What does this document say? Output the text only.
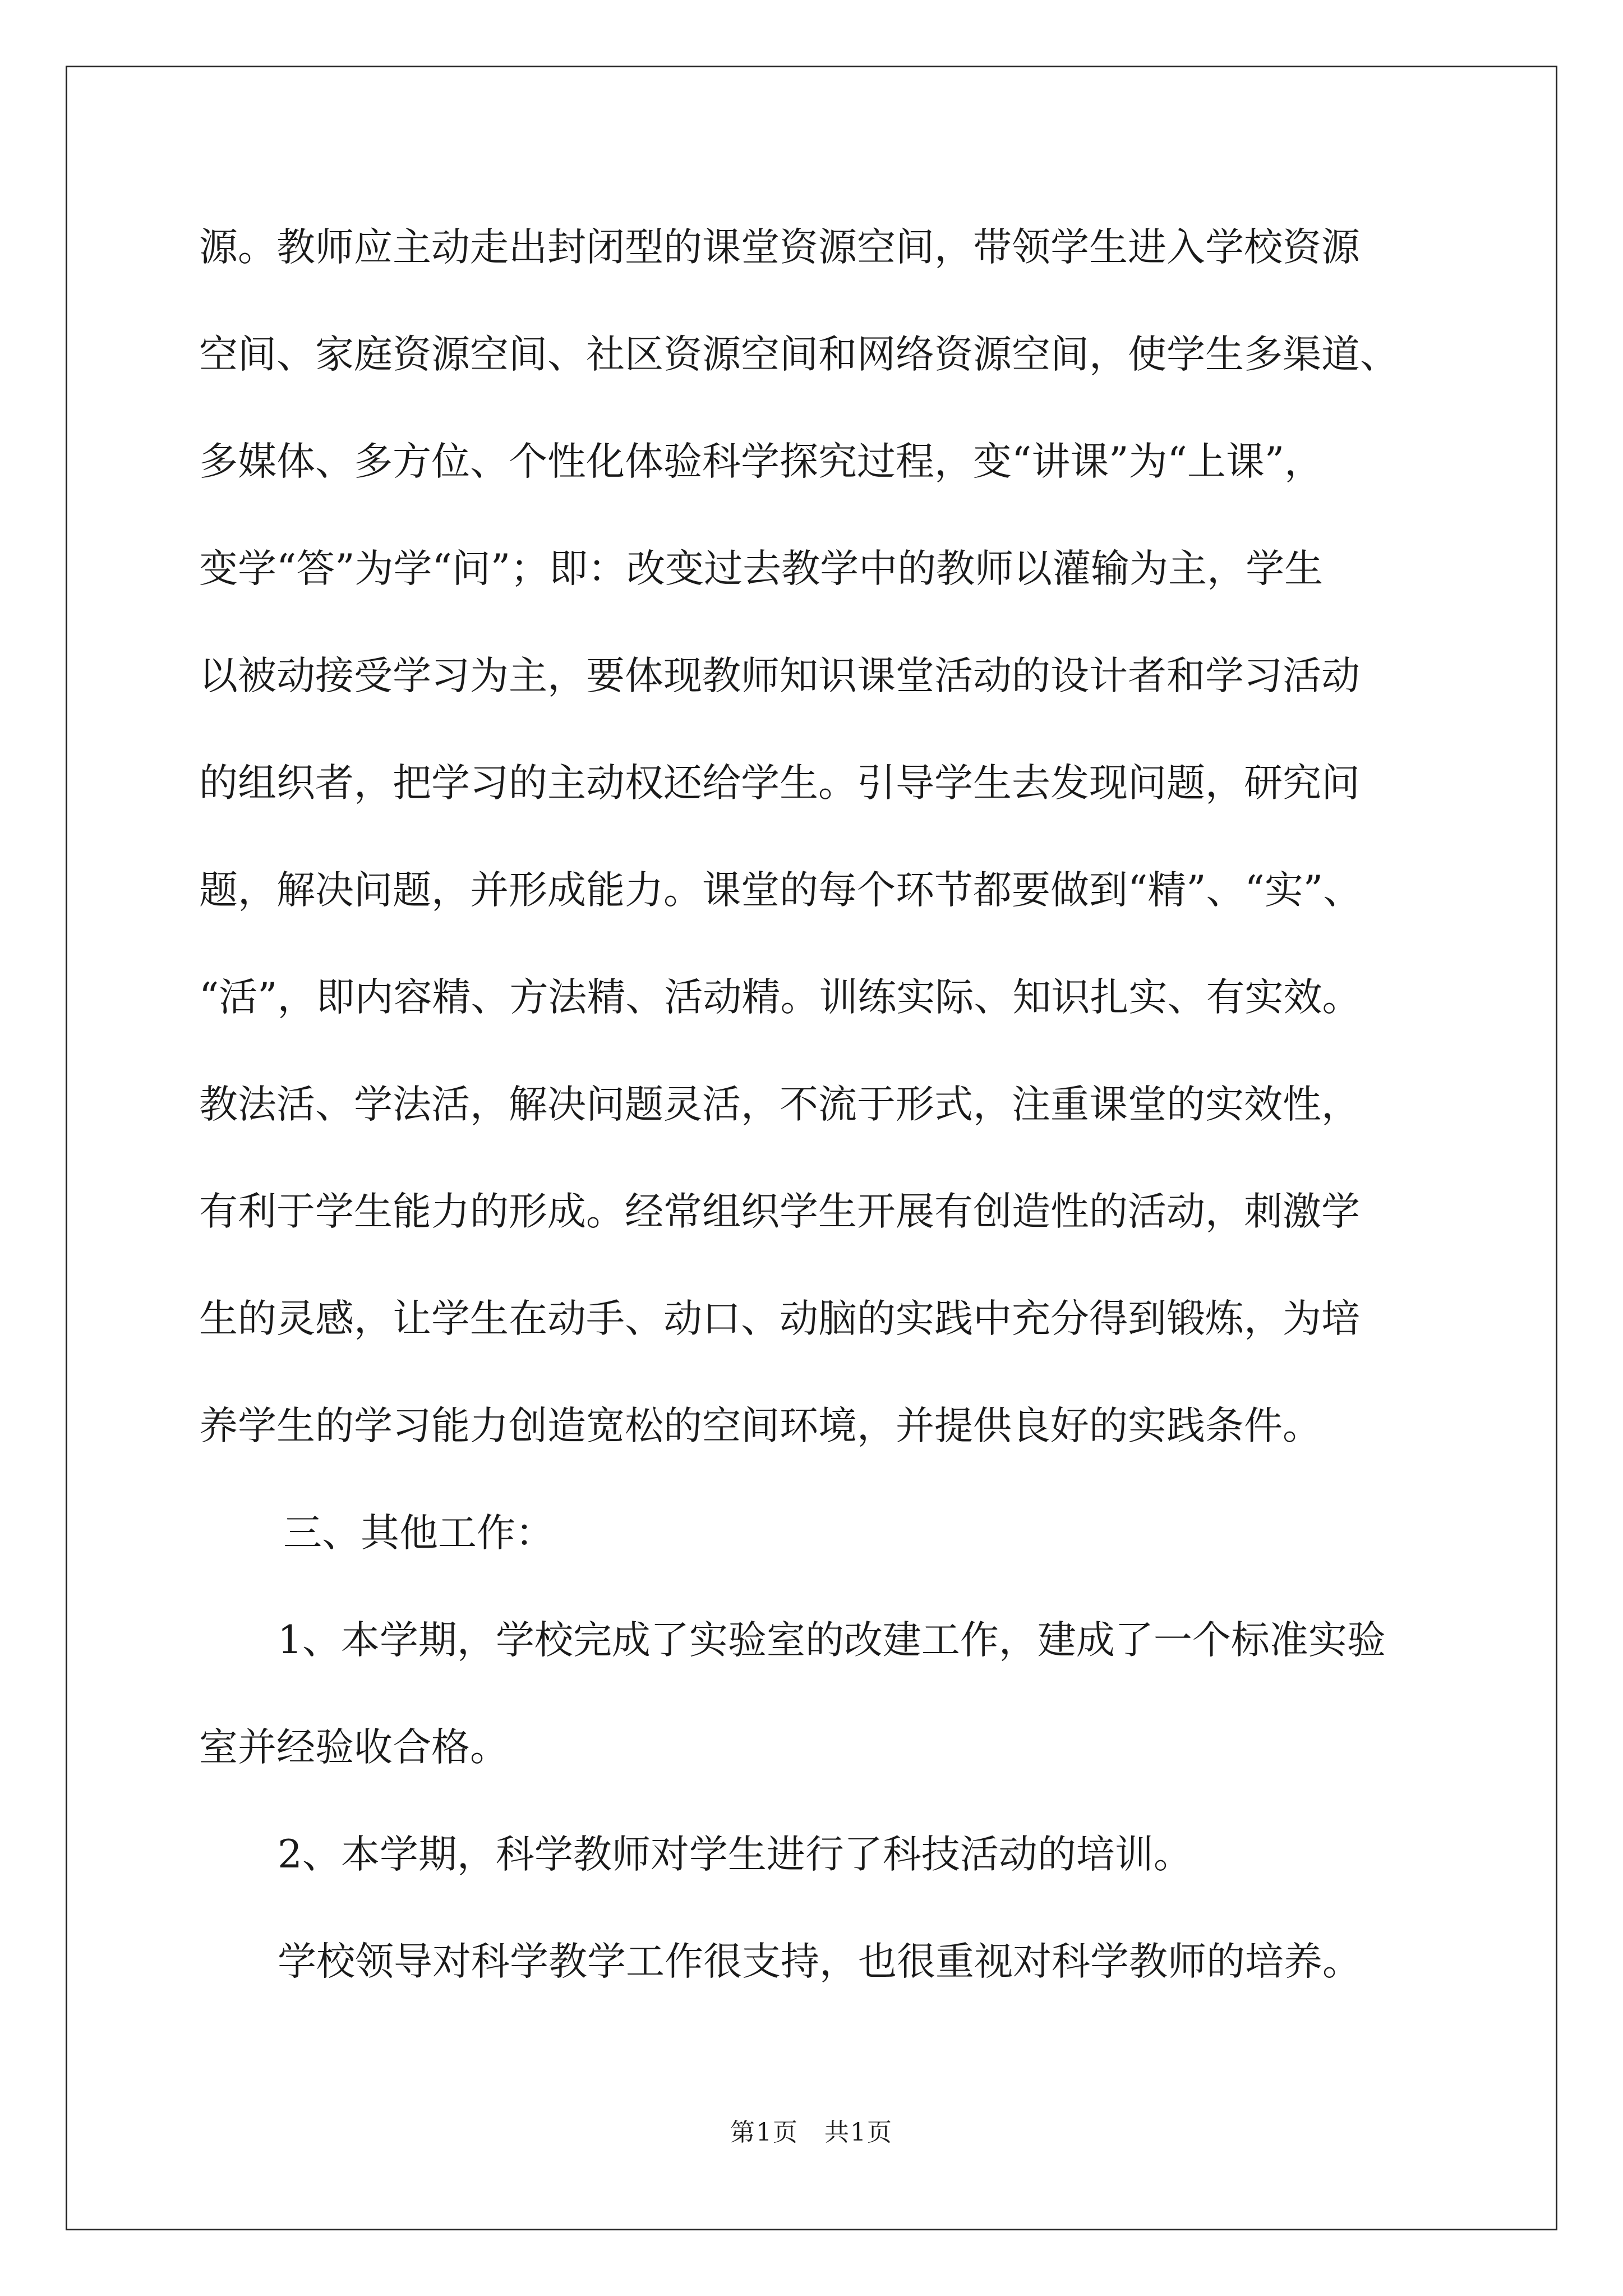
源。教师应主动走出封闭型的课堂资源空间，带领学生进入学校资源
空间、家庭资源空间、社区资源空间和网络资源空间，使学生多渠道、
多媒体、多方位、个性化体验科学探究过程，变“讲课”为“上课”，
变学“答”为学“问”；即：改变过去教学中的教师以灌输为主，学生
以被动接受学习为主，要体现教师知识课堂活动的设计者和学习活动
的组织者，把学习的主动权还给学生。引导学生去发现问题，研究问
题，解决问题，并形成能力。课堂的每个环节都要做到“精”、“实”、
“活”，即内容精、方法精、活动精。训练实际、知识扎实、有实效。
教法活、学法活，解决问题灵活，不流于形式，注重课堂的实效性，
有利于学生能力的形成。经常组织学生开展有创造性的活动，刺激学
生的灵感，让学生在动手、动口、动脑的实践中充分得到锻炼，为培
养学生的学习能力创造宽松的空间环境，并提供良好的实践条件。
三、其他工作：
1、本学期，学校完成了实验室的改建工作，建成了一个标准实验
室并经验收合格。
2、本学期，科学教师对学生进行了科技活动的培训。
学校领导对科学教学工作很支持，也很重视对科学教师的培养。
第1页　共1页
